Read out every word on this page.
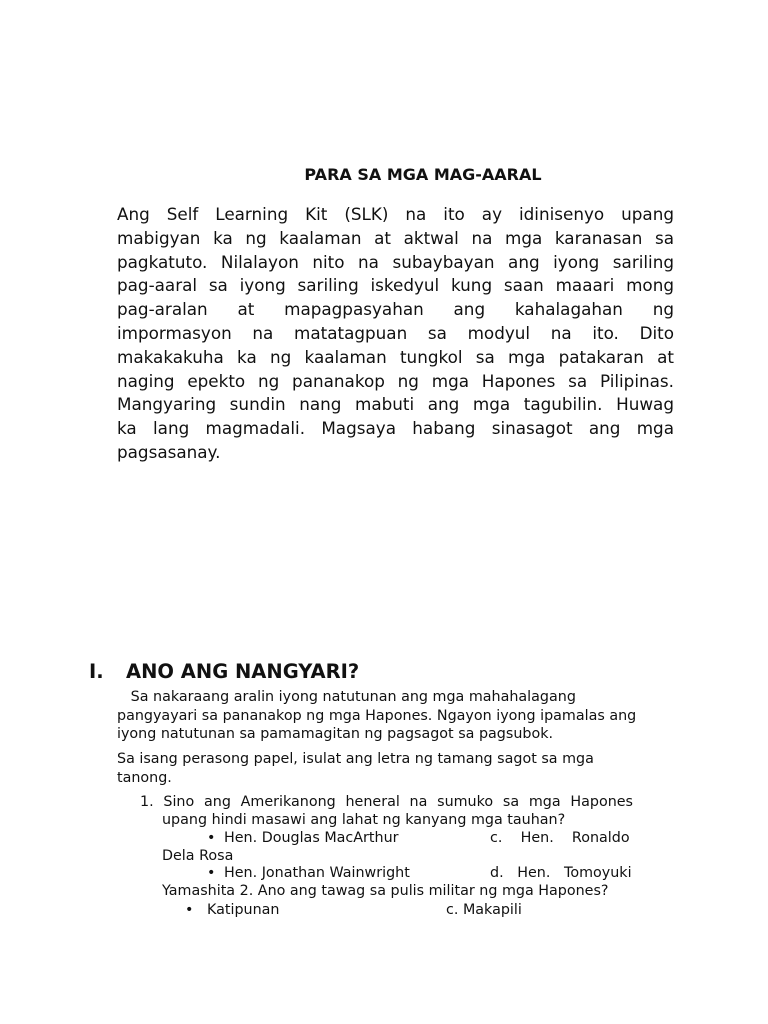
PARA SA MGA MAG-AARAL

Ang Self Learning Kit (SLK) na ito ay idinisenyo upang
mabigyan ka ng kaalaman at aktwal na mga karanasan sa
pagkatuto. Nilalayon nito na subaybayan ang iyong sariling
pag-aaral sa iyong sariling iskedyul kung saan maaari mong
pag-aralan at mapagpasyahan ang kahalagahan ng
impormasyon na matatagpuan sa modyul na ito. Dito
makakakuha ka ng kaalaman tungkol sa mga patakaran at
naging epekto ng pananakop ng mga Hapones sa Pilipinas.
Mangyaring sundin nang mabuti ang mga tagubilin. Huwag
ka lang magmadali. Magsaya habang sinasagot ang mga
pagsasanay.

I. ANO ANG NANGYARI?

Sa nakaraang aralin iyong natutunan ang mga mahahalagang
pangyayari sa pananakop ng mga Hapones. Ngayon iyong ipamalas ang
iyong natutunan sa pamamagitan ng pagsagot sa pagsubok.

Sa isang perasong papel, isulat ang letra ng tamang sagot sa mga
tanong.

1. Sino ang Amerikanong heneral na sumuko sa mga Hapones
upang hindi masawi ang lahat ng kanyang mga tauhan?
• Hen. Douglas MacArthur	c.    Hen.    Ronaldo
Dela Rosa
• Hen. Jonathan Wainwright	d.   Hen.   Tomoyuki
Yamashita 2. Ano ang tawag sa pulis militar ng mga Hapones?
• Katipunan	c. Makapili
